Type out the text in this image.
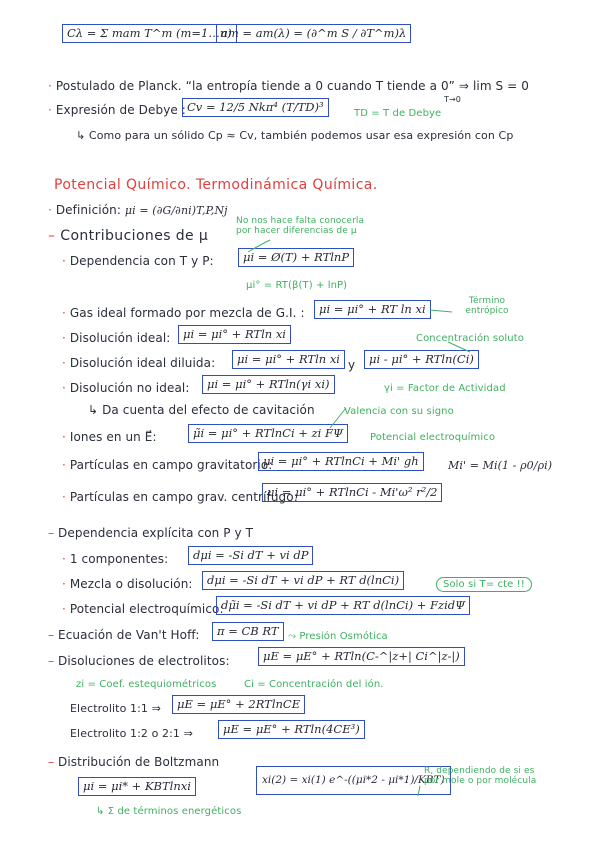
Cλ = Σ mam T^m (m=1…n)
am = am(λ) = (∂^m S / ∂T^m)λ
· Postulado de Planck. “la entropía tiende a 0 cuando T tiende a 0” ⇒ lim S = 0
T→0
· Expresión de Debye : Cv = 12/5 Nkπ⁴ (T/TD)³	TD = T de Debye
↳ Como para un sólido Cp ≈ Cv, también podemos usar esa expresión con Cp
Potencial Químico. Termodinámica Química.
· Definición: μi = (∂G/∂ni)T,P,Nj
No nos hace falta conocerla por hacer diferencias de μ
– Contribuciones de μ
· Dependencia con T y P:	μi = Ø(T) + RTlnP
μi° = RT(β(T) + lnP)
· Gas ideal formado por mezcla de G.I. :	μi = μi° + RT ln xi
Término entrópico
· Disolución ideal:	μi = μi° + RTln xi	Concentración soluto
· Disolución ideal diluida:	μi = μi° + RTln xi y	μi - μi° + RTln(Ci)
· Disolución no ideal:	μi = μi° + RTln(γi xi)	γi = Factor de Actividad
↳ Da cuenta del efecto de cavitación	Valencia con su signo
· Iones en un E⃗:	μ̃i = μi° + RTlnCi + zi FΨ	Potencial electroquímico
· Partículas en campo gravitatorio:
μi = μi° + RTlnCi + Mi' gh	Mi' = Mi(1 - ρ0/ρi)
· Partículas en campo grav. centrífugo:
μi = μi° + RTlnCi - Mi'ω² r²/2
– Dependencia explícita con P y T
· 1 componentes:	dμi = -Si dT + vi dP
· Mezcla o disolución:	dμi = -Si dT + vi dP + RT d(lnCi)	Solo si T= cte !!
· Potencial electroquímico:
dμ̃i = -Si dT + vi dP + RT d(lnCi) + FzidΨ
– Ecuación de Van't Hoff:	π = CB RT ⤳ Presión Osmótica
– Disoluciones de electrolitos:	μE = μE° + RTln(C-^|z+| Ci^|z-|)
zi = Coef. estequiométricos	Ci = Concentración del ión.
Electrolito 1:1 ⇒	μE = μE° + 2RTlnCE
Electrolito 1:2 o 2:1 ⇒	μE = μE° + RTln(4CE³)
– Distribución de Boltzmann
μi = μi* + KBTlnxi	xi(2) = xi(1) e^-((μi*2 - μi*1)/KBT)
R, dependiendo de si es por mole o por molécula
↳ Σ de términos energéticos
